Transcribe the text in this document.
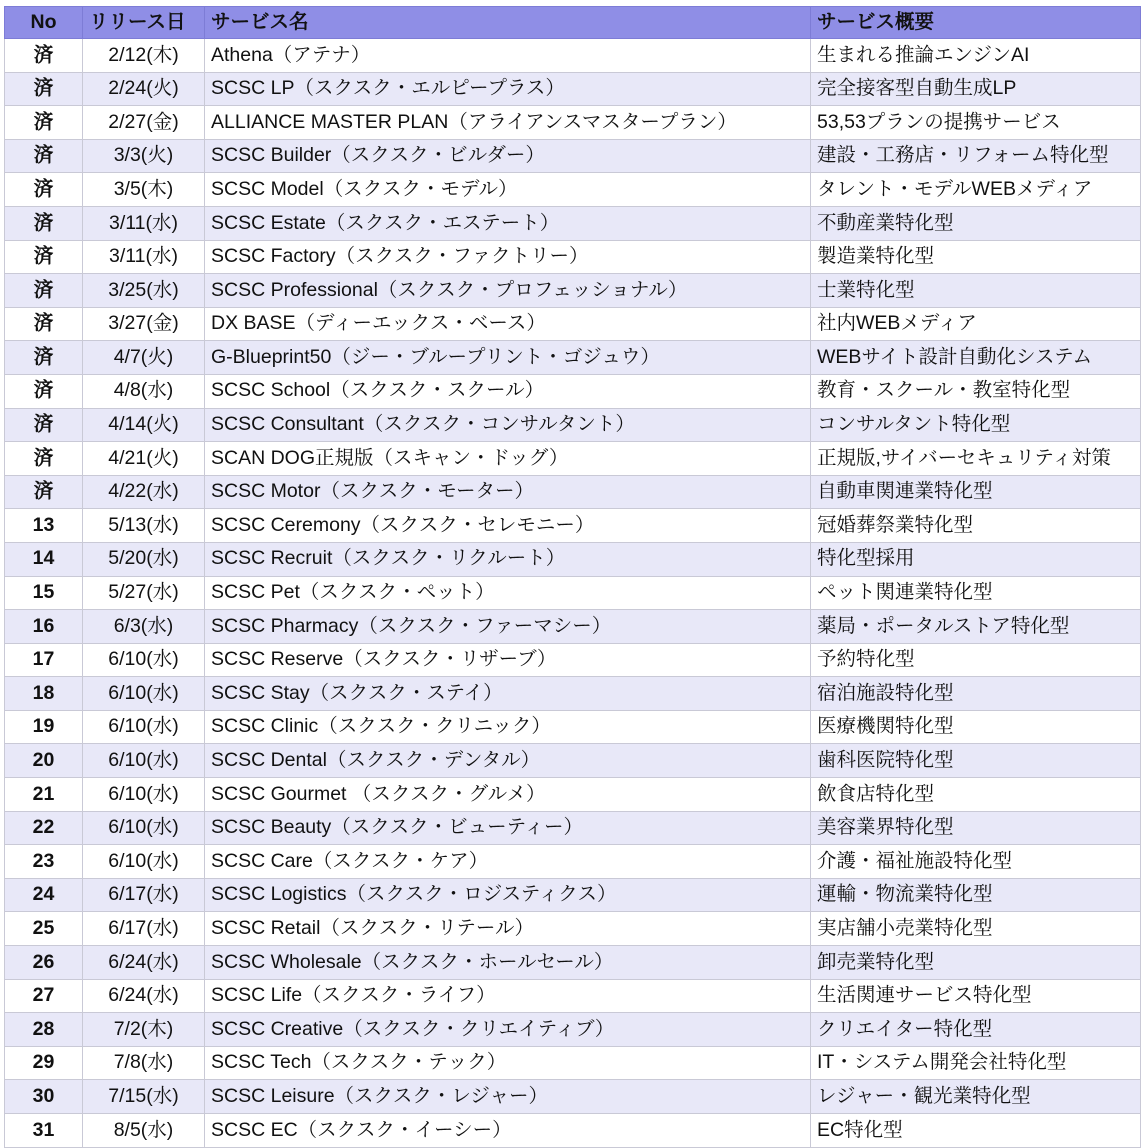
No	リリース日	サービス名	サービス概要
済	2/12(木)	Athena（アテナ）	生まれる推論エンジンAI
済	2/24(火)	SCSC LP（スクスク・エルピープラス）	完全接客型自動生成LP
済	2/27(金)	ALLIANCE MASTER PLAN（アライアンスマスタープラン）	53,53プランの提携サービス
済	3/3(火)	SCSC Builder（スクスク・ビルダー）	建設・工務店・リフォーム特化型
済	3/5(木)	SCSC Model（スクスク・モデル）	タレント・モデルWEBメディア
済	3/11(水)	SCSC Estate（スクスク・エステート）	不動産業特化型
済	3/11(水)	SCSC Factory（スクスク・ファクトリー）	製造業特化型
済	3/25(水)	SCSC Professional（スクスク・プロフェッショナル）	士業特化型
済	3/27(金)	DX BASE（ディーエックス・ベース）	社内WEBメディア
済	4/7(火)	G-Blueprint50（ジー・ブループリント・ゴジュウ）	WEBサイト設計自動化システム
済	4/8(水)	SCSC School（スクスク・スクール）	教育・スクール・教室特化型
済	4/14(火)	SCSC Consultant（スクスク・コンサルタント）	コンサルタント特化型
済	4/21(火)	SCAN DOG正規版（スキャン・ドッグ）	正規版,サイバーセキュリティ対策
済	4/22(水)	SCSC Motor（スクスク・モーター）	自動車関連業特化型
13	5/13(水)	SCSC Ceremony（スクスク・セレモニー）	冠婚葬祭業特化型
14	5/20(水)	SCSC Recruit（スクスク・リクルート）	特化型採用
15	5/27(水)	SCSC Pet（スクスク・ペット）	ペット関連業特化型
16	6/3(水)	SCSC Pharmacy（スクスク・ファーマシー）	薬局・ポータルストア特化型
17	6/10(水)	SCSC Reserve（スクスク・リザーブ）	予約特化型
18	6/10(水)	SCSC Stay（スクスク・ステイ）	宿泊施設特化型
19	6/10(水)	SCSC Clinic（スクスク・クリニック）	医療機関特化型
20	6/10(水)	SCSC Dental（スクスク・デンタル）	歯科医院特化型
21	6/10(水)	SCSC Gourmet （スクスク・グルメ）	飲食店特化型
22	6/10(水)	SCSC Beauty（スクスク・ビューティー）	美容業界特化型
23	6/10(水)	SCSC Care（スクスク・ケア）	介護・福祉施設特化型
24	6/17(水)	SCSC Logistics（スクスク・ロジスティクス）	運輸・物流業特化型
25	6/17(水)	SCSC Retail（スクスク・リテール）	実店舗小売業特化型
26	6/24(水)	SCSC Wholesale（スクスク・ホールセール）	卸売業特化型
27	6/24(水)	SCSC Life（スクスク・ライフ）	生活関連サービス特化型
28	7/2(木)	SCSC Creative（スクスク・クリエイティブ）	クリエイター特化型
29	7/8(水)	SCSC Tech（スクスク・テック）	IT・システム開発会社特化型
30	7/15(水)	SCSC Leisure（スクスク・レジャー）	レジャー・観光業特化型
31	8/5(水)	SCSC EC（スクスク・イーシー）	EC特化型
